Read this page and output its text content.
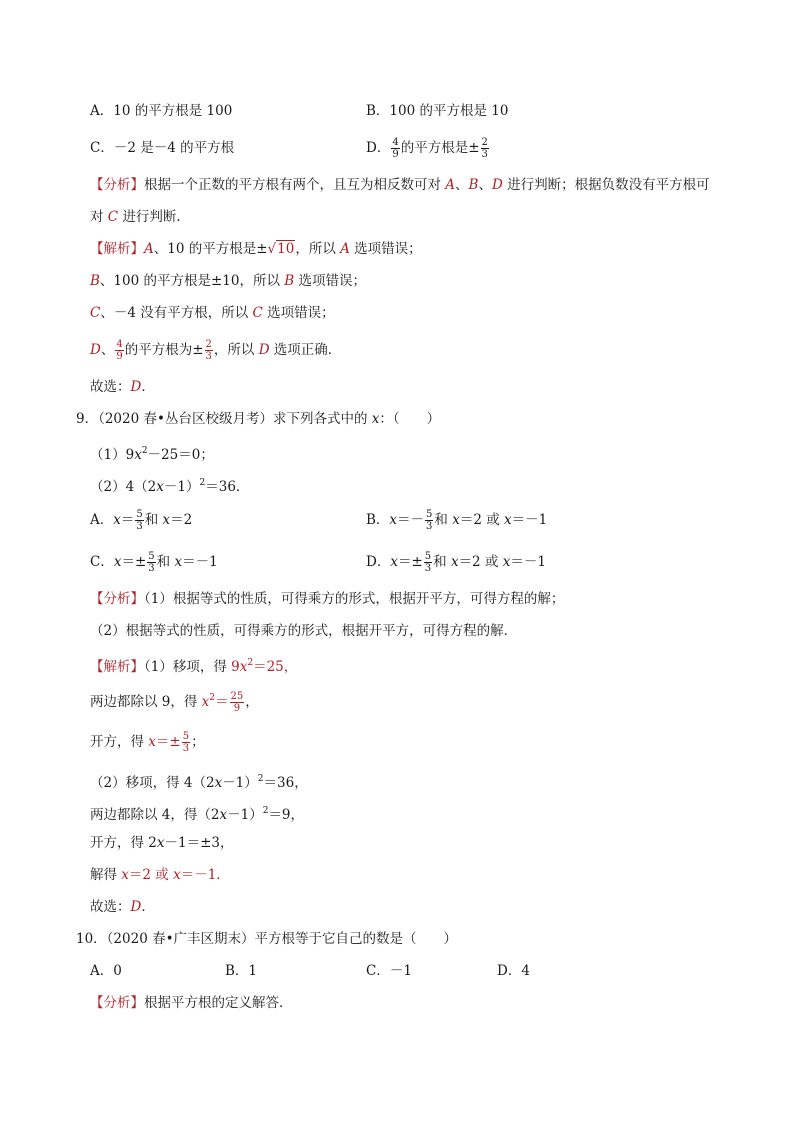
A．10 的平方根是 100	B．100 的平方根是 10
C．－2 是－4 的平方根	D． $\frac{4}{9}$ 的平方根是± $\frac{2}{3}$
【分析】根据一个正数的平方根有两个，且互为相反数可对 A、B、D 进行判断；根据负数没有平方根可
对 C 进行判断．
【解析】A、10 的平方根是±√10，所以 A 选项错误；
B、100 的平方根是±10，所以 B 选项错误；
C、－4 没有平方根，所以 C 选项错误；
D、 $\frac{4}{9}$ 的平方根为± $\frac{2}{3}$ ，所以 D 选项正确．
故选：D．
9．（2020 春•丛台区校级月考）求下列各式中的 x：（　　）
$(1)9x^2-25=0$；
$(2)4(2x-1)^2=36$．
A．$x= \frac{5}{3}$ 和 x＝2	B．$x=- \frac{5}{3}$ 和 x＝2 或 x＝－1
C．$x=\pm \frac{5}{3}$ 和 x＝－1	D．$x=\pm \frac{5}{3}$ 和 x＝2 或 x＝－1
【分析】（1）根据等式的性质，可得乘方的形式，根据开平方，可得方程的解；
（2）根据等式的性质，可得乘方的形式，根据开平方，可得方程的解．
【解析】（1）移项，得 $9x^2=25$，
两边都除以 9，得 $x^2= \frac{25}{9}$ ，
开方，得 $x=\pm \frac{5}{3}$ ；
（2）移项，得 $4(2x-1)^2=36$，
两边都除以 4，得$(2x-1)^2=9$，
开方，得 2x－1＝±3，
解得 x＝2 或 x＝－1．
故选：D．
10．（2020 春•广丰区期末）平方根等于它自己的数是（　　）
A．0	B．1	C．－1	D．4
【分析】根据平方根的定义解答．
